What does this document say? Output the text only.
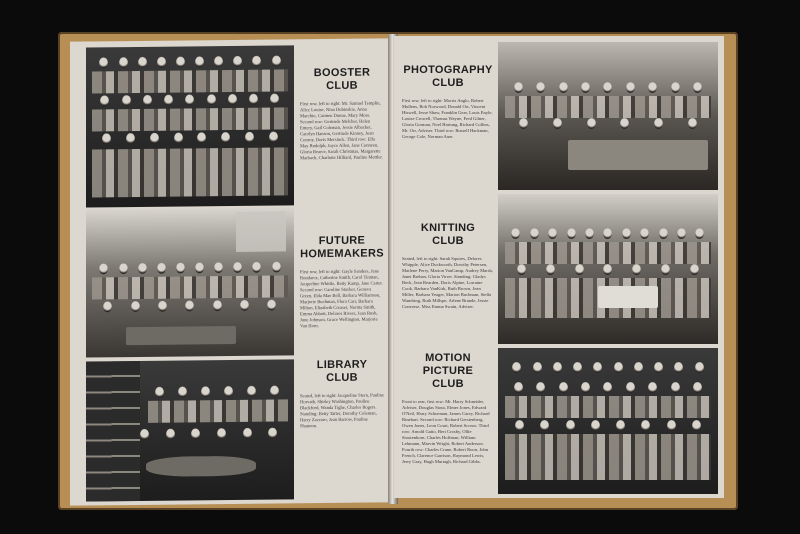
BOOSTER
CLUB

First row, left to right: Mr. Samuel Templin, Alice Louise, Nina Dubinskie, Anna Marchio, Carmen Dunne, Mary Moss. Second row: Gertrude Melcher, Helen Emery, Gail Coleman, Jessie Albacker, Carolyn Hanson, Gertrude Kinney, Joan Conroy, Doris Mersinck. Third row: Ella May Rudolph, Joyce Allen, Jane Conneen, Gloria Bearce, Sarah Christmas, Margarette Marbach, Charlotte Hilliard, Pauline Mettler.

FUTURE
HOMEMAKERS

First row, left to right: Gayle Sanders, Jane Rondarcz, Catherine Smith, Carol Tinman, Jacqueline Whittle, Betty Kamp, Jane Carter. Second row: Caroline Stacker, Geneva Green, Elda Mae Bell, Barbara Williamson, Marjorie Buchman, Flora Carr, Barbara Milton, Elizabeth Creaser, Norma Smith, Emma Abbott, Delores Rivers, Jean Rush, June Johnson, Grace Wellington, Marjorie Van Horn.

LIBRARY
CLUB

Seated, left to right: Jacqueline Stern, Pauline Horvath, Shirley Washington, Pauline Blackford, Wanda Tighe, Charles Rogers. Standing: Betty Tatter, Dorothy Coleman, Harry Zacearo, Jean Barrow, Pauline Shannon.

PHOTOGRAPHY
CLUB

First row, left to right: Morris Anglo, Robert Mullens, Bob Norwood, Donald Orr, Vincent Hiswell, Jesse Shaw, Franklin Gear, Louis Enyle, Louise Crowell, Thomas Wayne, Fred Gilner, Gloria Gorman, Noel Hartung, Richard Collins, Mr. Orr, Adviser. Third row: Russell Hackman, George Cole, Norman Auer.

KNITTING
CLUB

Seated, left to right: Sarah Squires, Delores Whipple, Alice Duckworth, Dorothy Petersen, Marlene Perry, Marion VanCamp, Audrey Marsh, Janet Brehan, Gloria Virrer. Standing: Gladys Beck, Jean Rearden, Doris Alpine, Lorraine Cook, Barbara VanKirk, Ruth Brown, Jean Miller, Barbara Yeager, Marion Buchman, Stella Wandring, Ruth Millspe, Arlene Brande, Jessie Converse, Miss Emma Swain, Adviser.

MOTION
PICTURE
CLUB

Front to rear, first row: Mr. Harry Schneider, Adviser, Douglas Stout, Elmer Jones, Edward O'Neil, Harry Schoeman, James Carey, Richard Rinehart. Second row: Richard Gerstenberg, Owen Jones, Leon Court, Robert Scorzo. Third row: Arnold Gatto, Bert Crosby, Ollie Stoutenborn, Charles Hoffman, William Lehmann, Marvin Wright, Robert Anderson. Fourth row: Charles Crane, Robert Roon, John French, Clarence Garrison, Raymond Lewis, Jerry Gray, Hugh Murtagh, Richard Gibbs.
